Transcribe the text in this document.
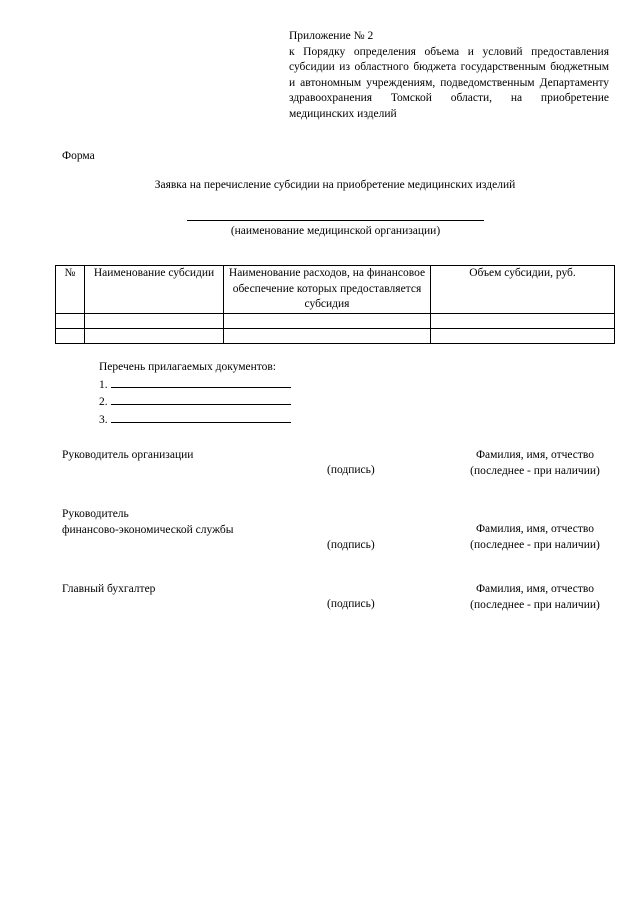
Приложение № 2
к Порядку определения объема и условий предоставления субсидии из областного бюджета государственным бюджетным и автономным учреждениям, подведомственным Департаменту здравоохранения Томской области, на приобретение медицинских изделий
Форма
Заявка на перечисление субсидии на приобретение медицинских изделий
(наименование медицинской организации)
№	Наименование субсидии	Наименование расходов, на финансовое обеспечение которых предоставляется субсидия	Объем субсидии, руб.

Перечень прилагаемых документов:
1.
2.
3.
Руководитель организации
(подпись)
Фамилия, имя, отчество
(последнее - при наличии)
Руководитель
финансово-экономической службы
(подпись)
Фамилия, имя, отчество
(последнее - при наличии)
Главный бухгалтер
(подпись)
Фамилия, имя, отчество
(последнее - при наличии)
